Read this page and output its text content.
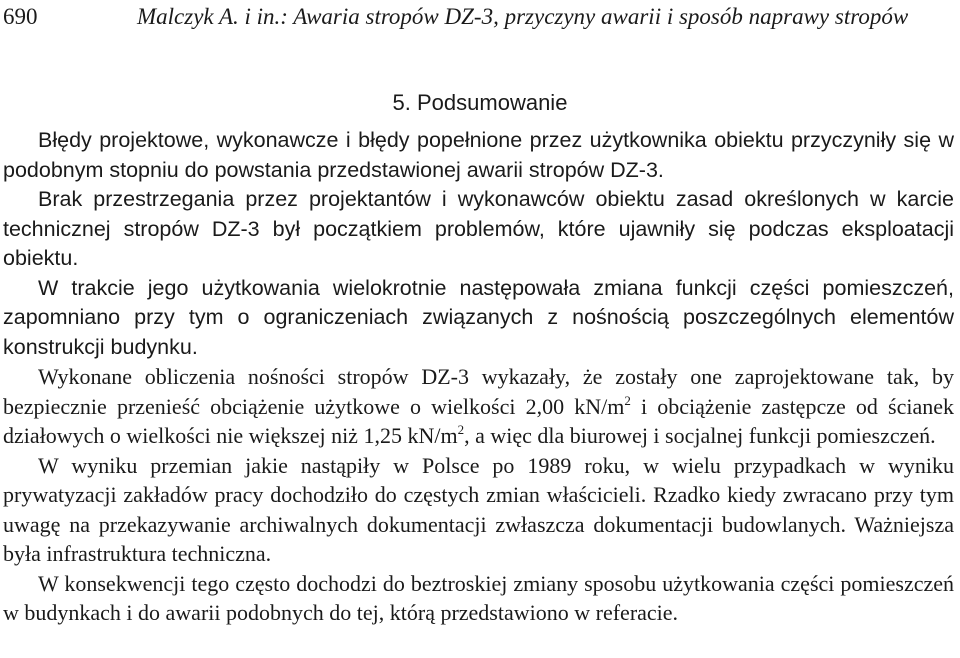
690	Malczyk A. i in.: Awaria stropów DZ-3, przyczyny awarii i sposób naprawy stropów
5. Podsumowanie

Błędy projektowe, wykonawcze i błędy popełnione przez użytkownika obiektu przyczyniły się w podobnym stopniu do powstania przedstawionej awarii stropów DZ-3.

Brak przestrzegania przez projektantów i wykonawców obiektu zasad określonych w karcie technicznej stropów DZ-3 był początkiem problemów, które ujawniły się podczas eksploatacji obiektu.

W trakcie jego użytkowania wielokrotnie następowała zmiana funkcji części pomieszczeń, zapomniano przy tym o ograniczeniach związanych z nośnością poszczególnych elementów konstrukcji budynku.

Wykonane obliczenia nośności stropów DZ-3 wykazały, że zostały one zaprojektowane tak, by bezpiecznie przenieść obciążenie użytkowe o wielkości 2,00 $kN/m^2$ i obciążenie zastępcze od ścianek działowych o wielkości nie większej niż 1,25 $kN/m^2$, a więc dla biurowej i socjalnej funkcji pomieszczeń.

W wyniku przemian jakie nastąpiły w Polsce po 1989 roku, w wielu przypadkach w wyniku prywatyzacji zakładów pracy dochodziło do częstych zmian właścicieli. Rzadko kiedy zwracano przy tym uwagę na przekazywanie archiwalnych dokumentacji zwłaszcza dokumentacji budowlanych. Ważniejsza była infrastruktura techniczna.

W konsekwencji tego często dochodzi do beztroskiej zmiany sposobu użytkowania części pomieszczeń w budynkach i do awarii podobnych do tej, którą przedstawiono w referacie.
